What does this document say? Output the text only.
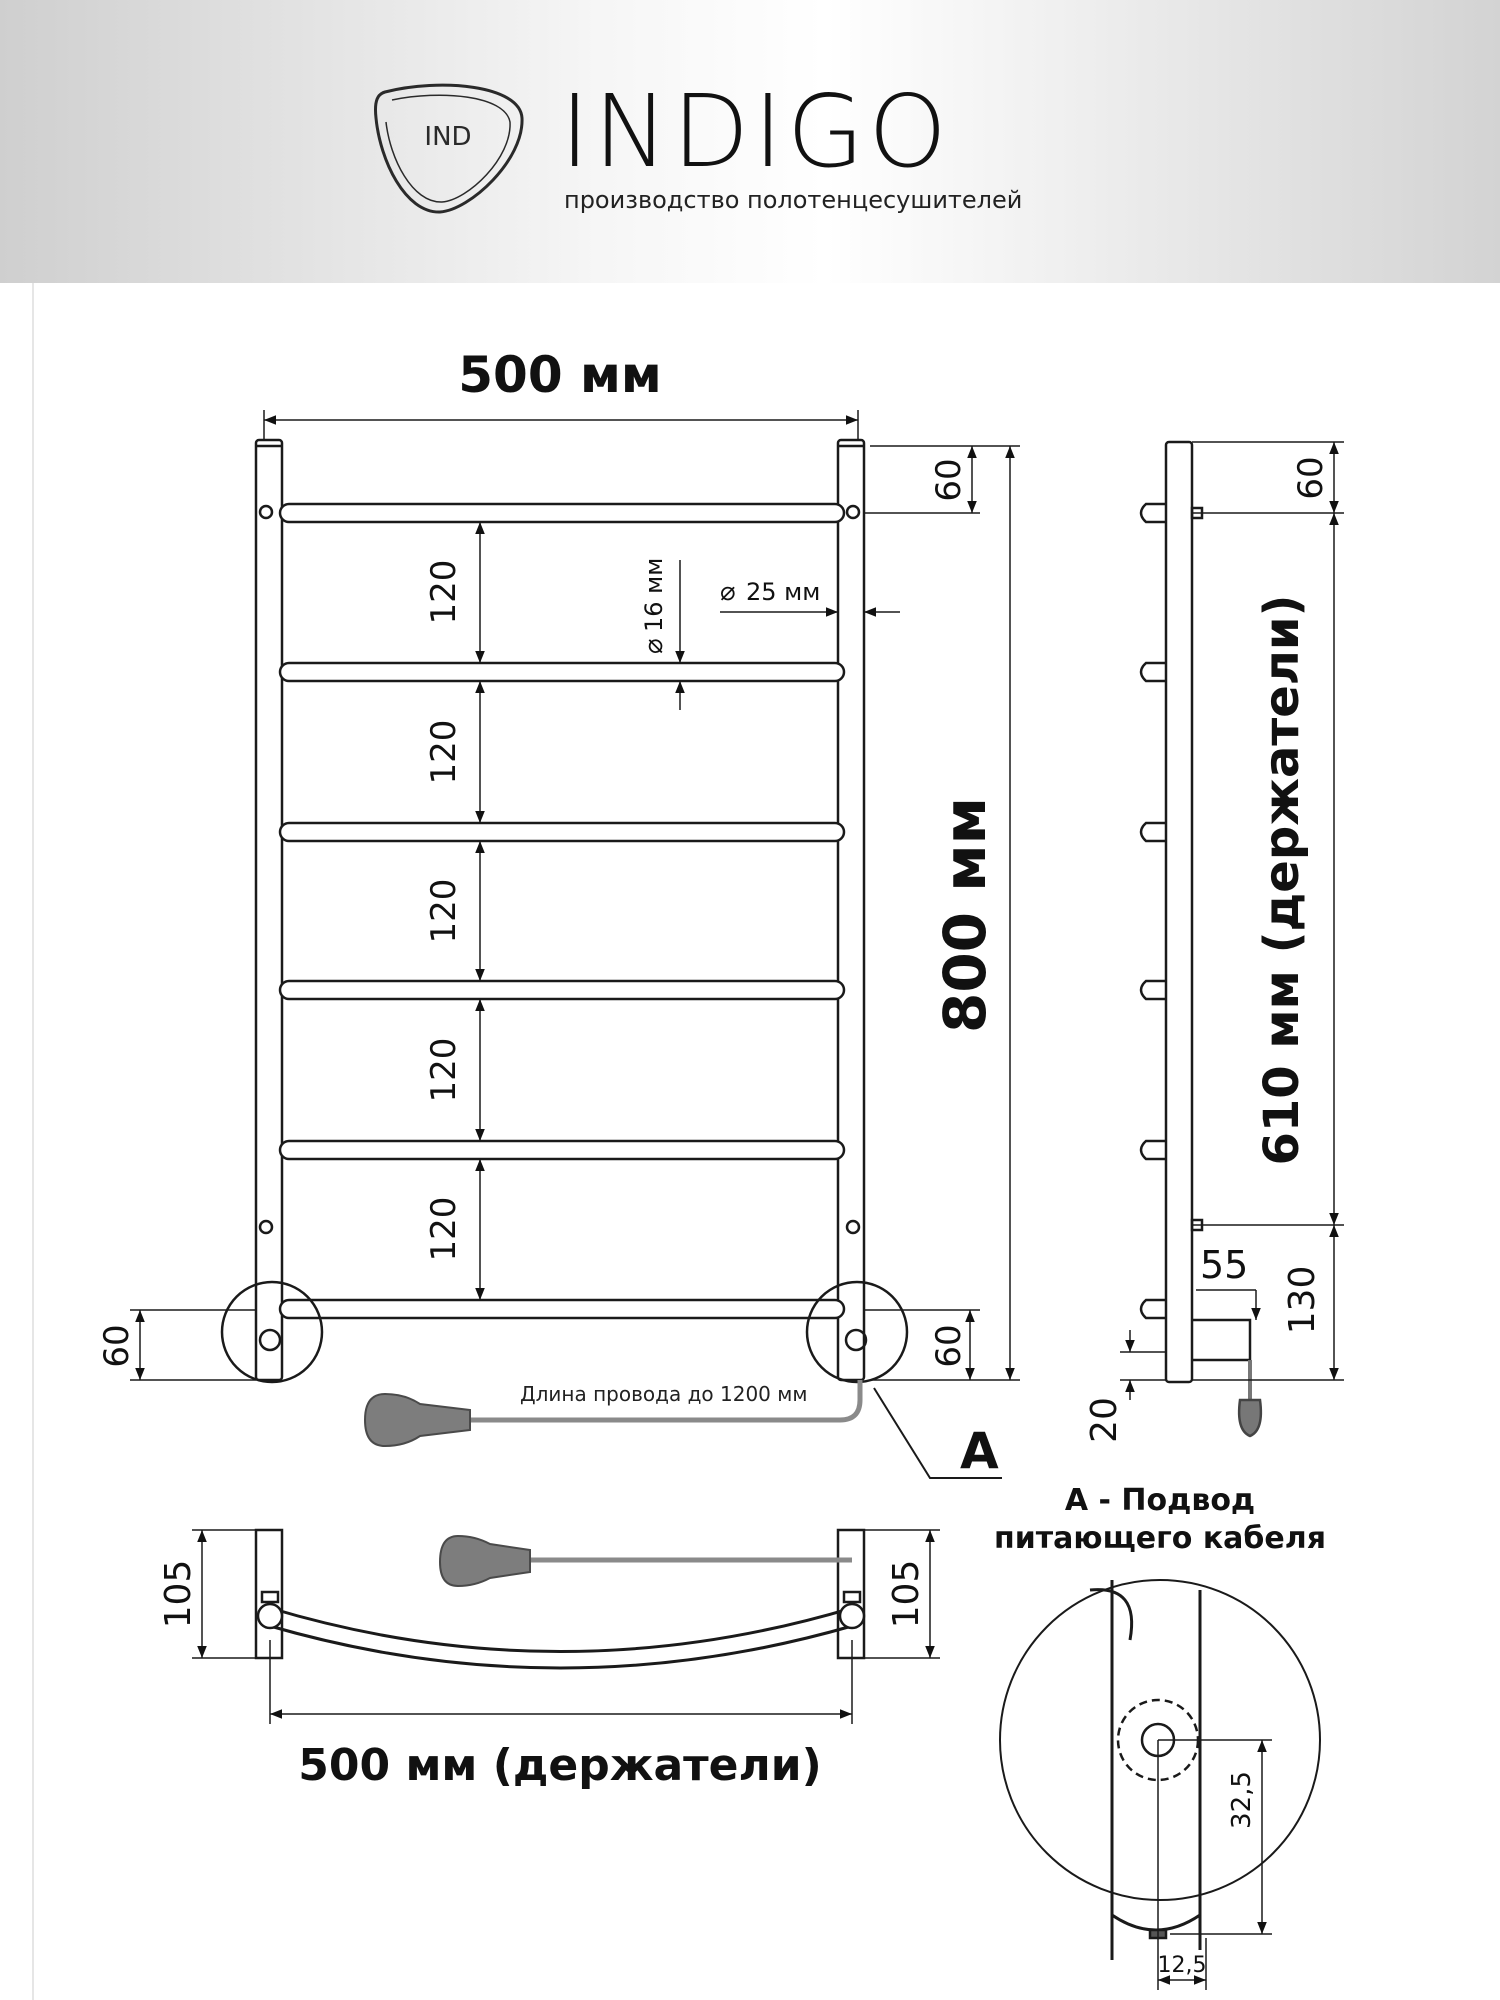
IND INDIGO
производство полотенцесушителей
500 мм
800 мм
60
60
60
120
120
120
120
120
⌀
16 мм ⌀ 25 мм
Длина провода до 1200 мм
A
610 мм (держатели)
60
55
130
20
500 мм (держатели)
105	105
А - Подвод
питающего кабеля
32,5
12,5
